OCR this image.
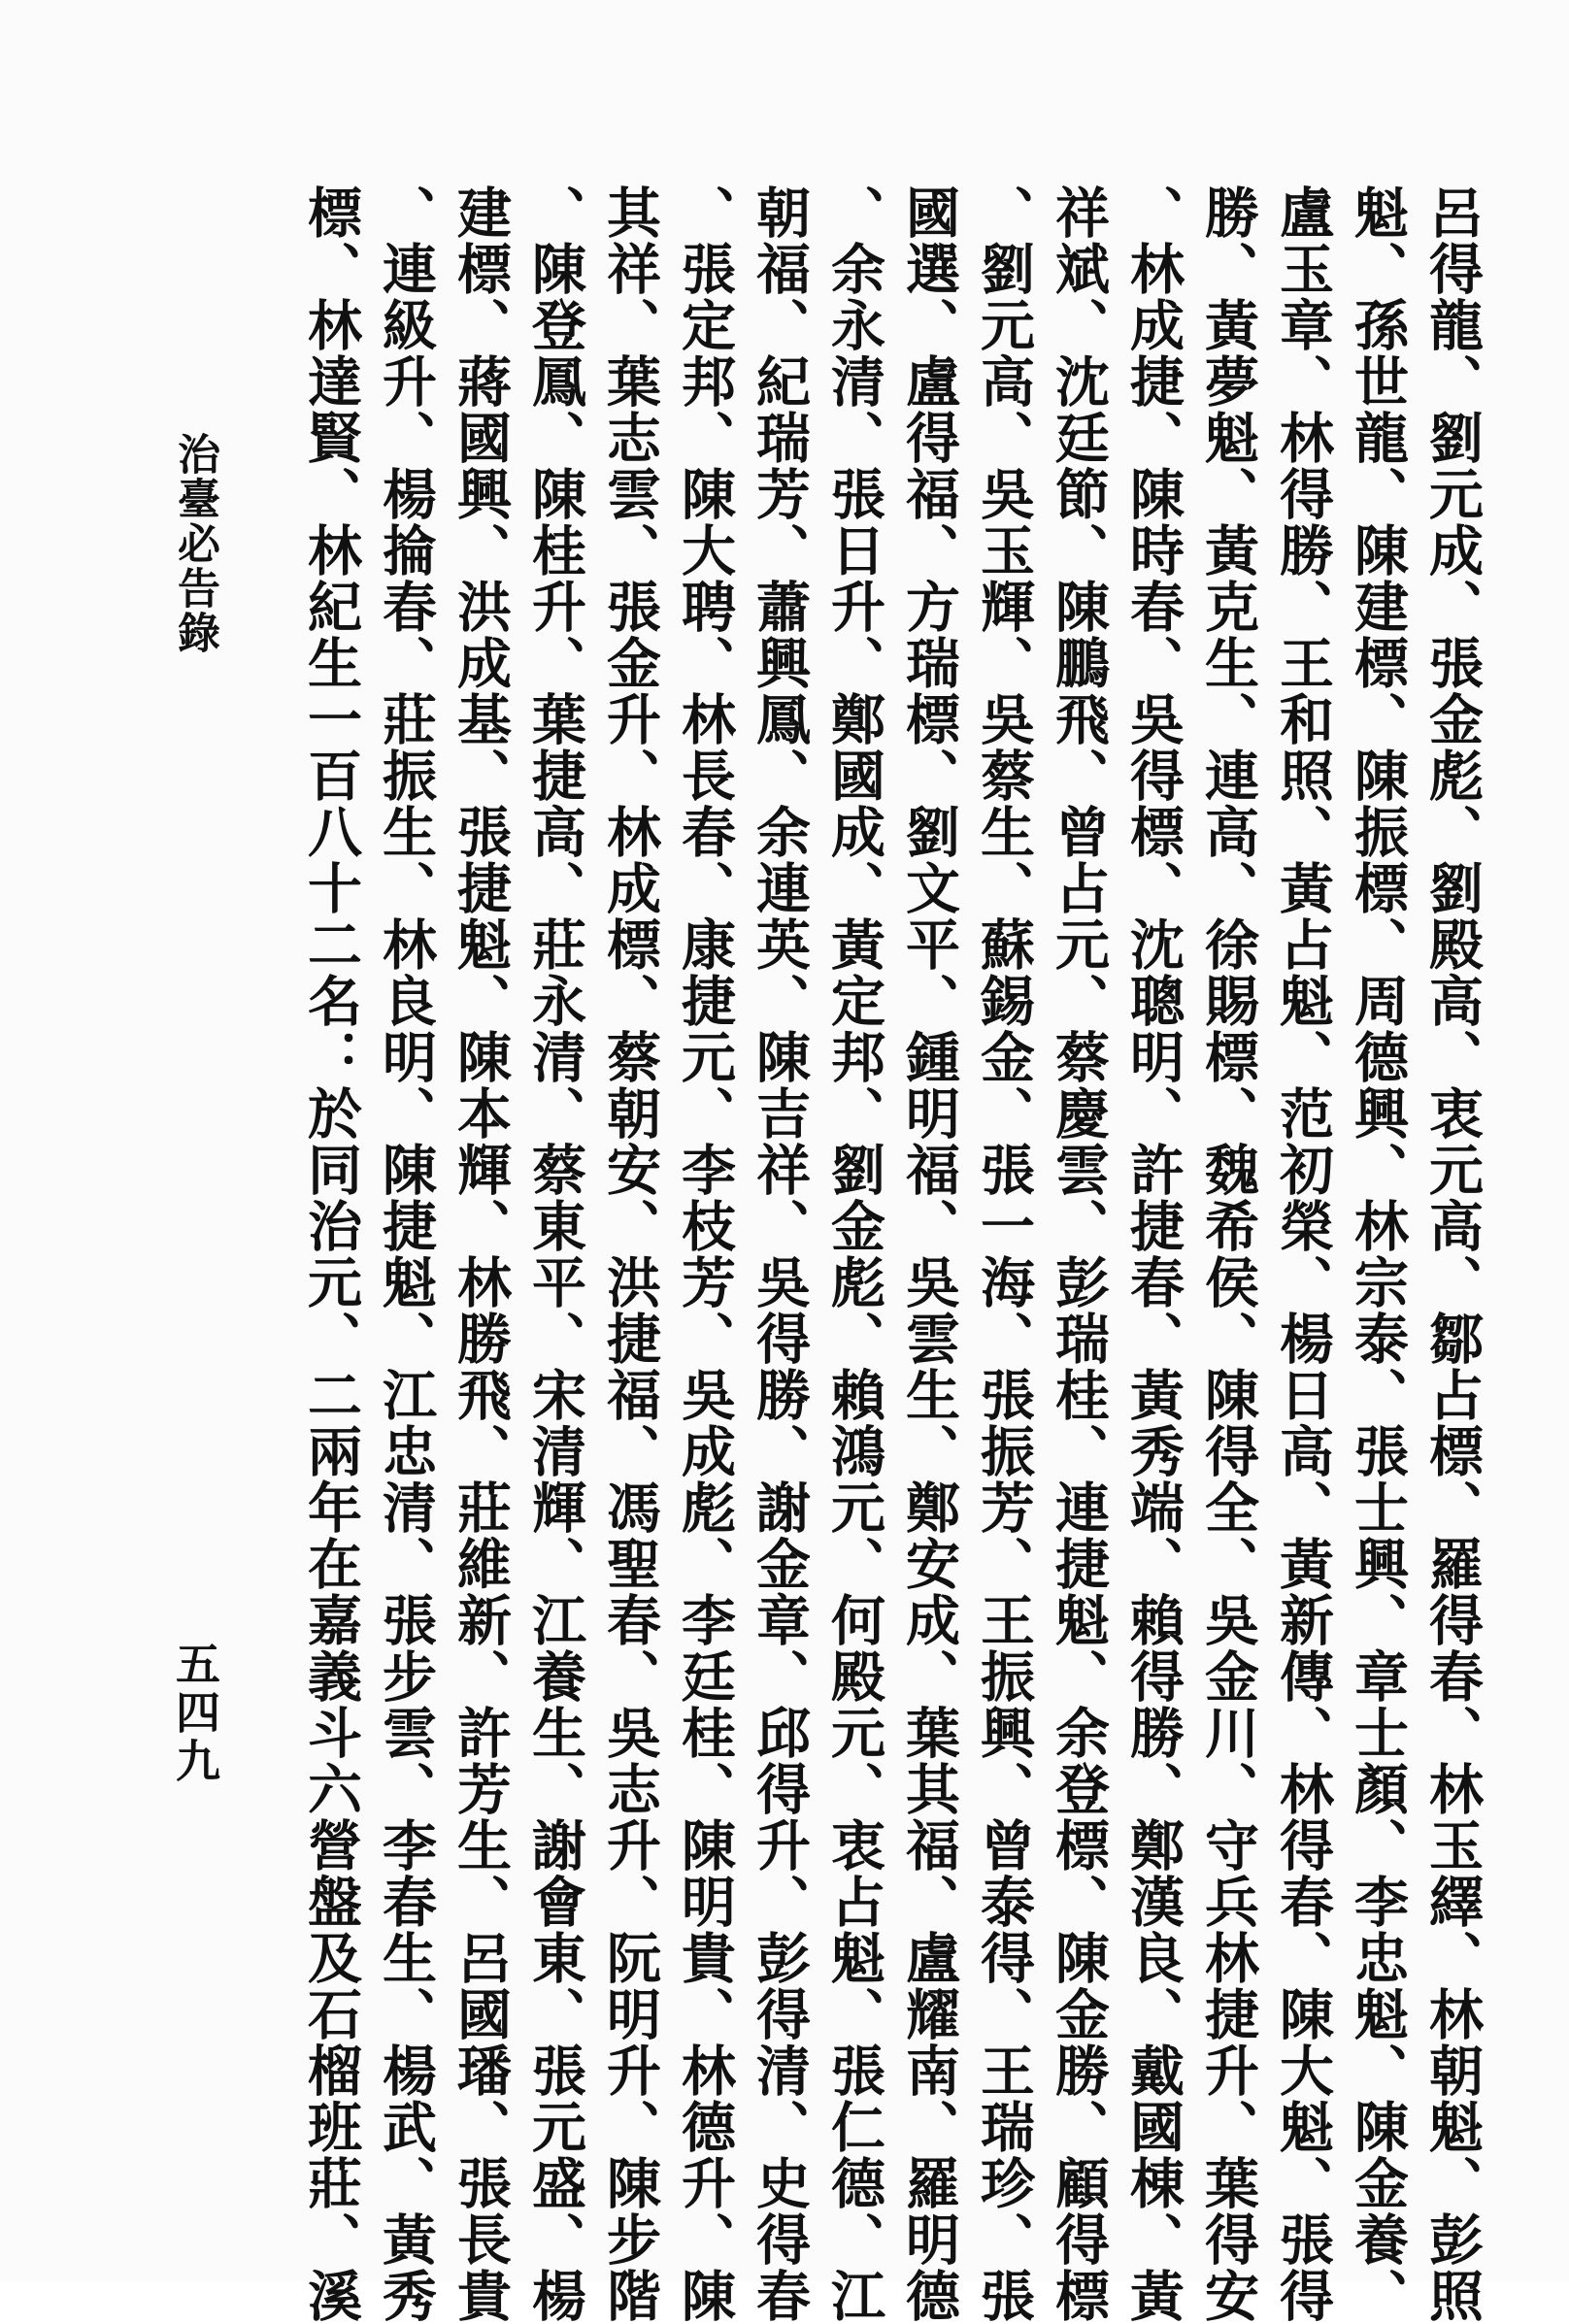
呂得龍、劉元成、張金彪、劉殿高、衷元高、鄒占標、羅得春、林玉繹、林朝魁、彭照
魁、孫世龍、陳建標、陳振標、周德興、林宗泰、張士興、章士顏、李忠魁、陳金養、
盧玉章、林得勝、王和照、黃占魁、范初榮、楊日高、黃新傳、林得春、陳大魁、張得
勝、黃夢魁、黃克生、連高、徐賜標、魏希侯、陳得全、吳金川、守兵林捷升、葉得安
、林成捷、陳時春、吳得標、沈聰明、許捷春、黃秀端、賴得勝、鄭漢良、戴國棟、黃
祥斌、沈廷節、陳鵬飛、曾占元、蔡慶雲、彭瑞桂、連捷魁、余登標、陳金勝、顧得標
、劉元高、吳玉輝、吳蔡生、蘇錫金、張一海、張振芳、王振興、曾泰得、王瑞珍、張
國選、盧得福、方瑞標、劉文平、鍾明福、吳雲生、鄭安成、葉其福、盧耀南、羅明德
、余永清、張日升、鄭國成、黃定邦、劉金彪、賴鴻元、何殿元、衷占魁、張仁德、江
朝福、紀瑞芳、蕭興鳳、余連英、陳吉祥、吳得勝、謝金章、邱得升、彭得清、史得春
、張定邦、陳大聘、林長春、康捷元、李枝芳、吳成彪、李廷桂、陳明貴、林德升、陳
其祥、葉志雲、張金升、林成標、蔡朝安、洪捷福、馮聖春、吳志升、阮明升、陳步階
、陳登鳳、陳桂升、葉捷高、莊永清、蔡東平、宋清輝、江養生、謝會東、張元盛、楊
建標、蔣國興、洪成基、張捷魁、陳本輝、林勝飛、莊維新、許芳生、呂國璠、張長貴
、連級升、楊掄春、莊振生、林良明、陳捷魁、江忠清、張步雲、李春生、楊武、黃秀
標、林達賢、林紀生一百八十二名：於同治元、二兩年在嘉義斗六營盤及石榴班莊、溪
治臺必告錄
五四九
